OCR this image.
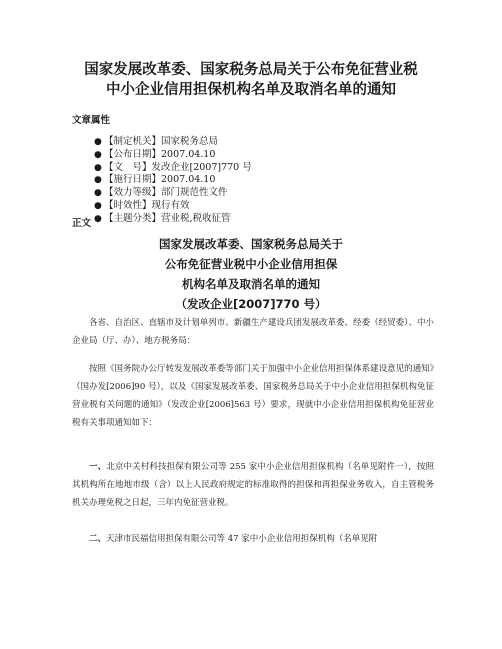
国家发展改革委、国家税务总局关于公布免征营业税
中小企业信用担保机构名单及取消名单的通知
文章属性
● 【制定机关】国家税务总局
● 【公布日期】2007.04.10
● 【文　号】发改企业[2007]770 号
● 【施行日期】2007.04.10
● 【效力等级】部门规范性文件
● 【时效性】现行有效
● 【主题分类】营业税,税收征管
正文
国家发展改革委、国家税务总局关于
公布免征营业税中小企业信用担保
机构名单及取消名单的通知
（发改企业[2007]770 号）

各省、自治区、直辖市及计划单列市、新疆生产建设兵团发展改革委、经委（经贸委）、中小企业局（厅、办）、地方税务局：

按照《国务院办公厅转发发展改革委等部门关于加强中小企业信用担保体系建设意见的通知》（国办发[2006]90 号），以及《国家发展改革委、国家税务总局关于中小企业信用担保机构免征营业税有关问题的通知》（发改企业[2006]563 号）要求，现就中小企业信用担保机构免征营业税有关事项通知如下：

一、北京中关村科技担保有限公司等 255 家中小企业信用担保机构（名单见附件一），按照其机构所在地地市级（含）以上人民政府规定的标准取得的担保和再担保业务收入，自主管税务机关办理免税之日起，三年内免征营业税。

二、天津市民福信用担保有限公司等 47 家中小企业信用担保机构（名单见附
